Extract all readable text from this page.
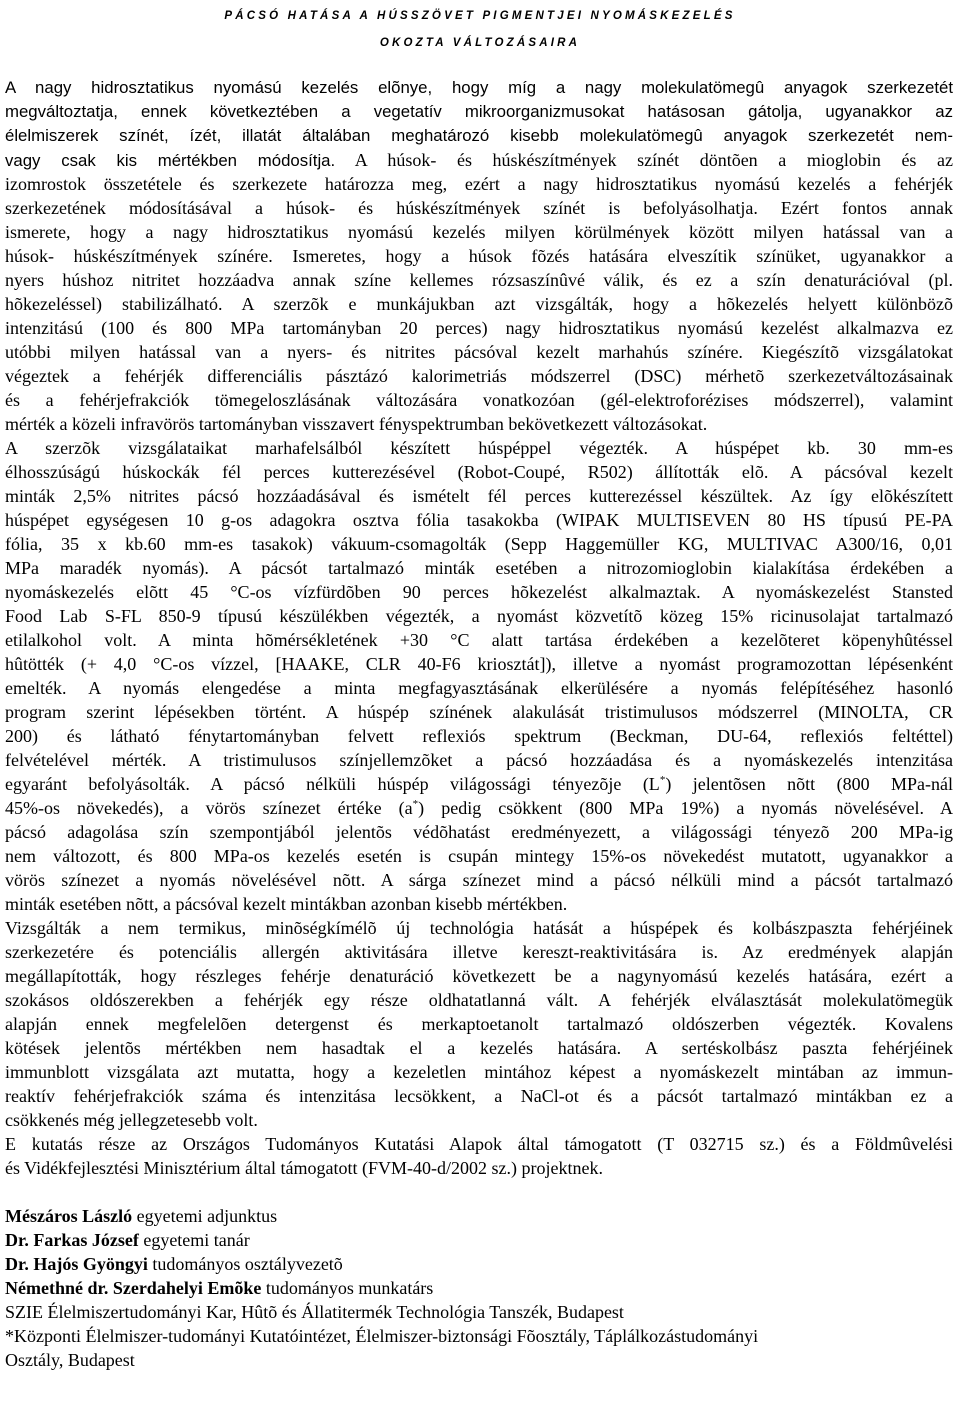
PÁCSÓ HATÁSA A HÚSSZÖVET PIGMENTJEI NYOMÁSKEZELÉS
OKOZTA VÁLTOZÁSAIRA
A nagy hidrosztatikus nyomású kezelés elõnye, hogy míg a nagy molekulatömegû anyagok szerkezetét
megváltoztatja, ennek következtében a vegetatív mikroorganizmusokat hatásosan gátolja, ugyanakkor az
élelmiszerek színét, ízét, illatát általában meghatározó kisebb molekulatömegû anyagok szerkezetét nem-
vagy csak kis mértékben módosítja. A húsok- és húskészítmények színét döntõen a mioglobin és az
izomrostok összetétele és szerkezete határozza meg, ezért a nagy hidrosztatikus nyomású kezelés a fehérjék
szerkezetének módosításával a húsok- és húskészítmények színét is befolyásolhatja. Ezért fontos annak
ismerete, hogy a nagy hidrosztatikus nyomású kezelés milyen körülmények között milyen hatással van a
húsok- húskészítmények színére. Ismeretes, hogy a húsok fõzés hatására elveszítik színüket, ugyanakkor a
nyers húshoz nitritet hozzáadva annak színe kellemes rózsaszínûvé válik, és ez a szín denaturációval (pl.
hõkezeléssel) stabilizálható. A szerzõk e munkájukban azt vizsgálták, hogy a hõkezelés helyett különbözõ
intenzitású (100 és 800 MPa tartományban 20 perces) nagy hidrosztatikus nyomású kezelést alkalmazva ez
utóbbi milyen hatással van a nyers- és nitrites pácsóval kezelt marhahús színére. Kiegészítõ vizsgálatokat
végeztek a fehérjék differenciális pásztázó kalorimetriás módszerrel (DSC) mérhetõ szerkezetváltozásainak
és a fehérjefrakciók tömegeloszlásának változására vonatkozóan (gél-elektroforézises módszerrel), valamint
mérték a közeli infravörös tartományban visszavert fényspektrumban bekövetkezett változásokat.
A szerzõk vizsgálataikat marhafelsálból készített húspéppel végezték. A húspépet kb. 30 mm-es
élhosszúságú húskockák fél perces kutterezésével (Robot-Coupé, R502) állították elõ. A pácsóval kezelt
minták 2,5% nitrites pácsó hozzáadásával és ismételt fél perces kutterezéssel készültek. Az így elõkészített
húspépet egységesen 10 g-os adagokra osztva fólia tasakokba (WIPAK MULTISEVEN 80 HS típusú PE-PA
fólia, 35 x kb.60 mm-es tasakok) vákuum-csomagolták (Sepp Haggemüller KG, MULTIVAC A300/16, 0,01
MPa maradék nyomás). A pácsót tartalmazó minták esetében a nitrozomioglobin kialakítása érdekében a
nyomáskezelés elõtt 45 °C-os vízfürdõben 90 perces hõkezelést alkalmaztak. A nyomáskezelést Stansted
Food Lab S-FL 850-9 típusú készülékben végezték, a nyomást közvetítõ közeg 15% ricinusolajat tartalmazó
etilalkohol volt. A minta hõmérsékletének +30 °C alatt tartása érdekében a kezelõteret köpenyhûtéssel
hûtötték (+ 4,0 °C-os vízzel, [HAAKE, CLR 40-F6 kriosztát]), illetve a nyomást programozottan lépésenként
emelték. A nyomás elengedése a minta megfagyasztásának elkerülésére a nyomás felépítéséhez hasonló
program szerint lépésekben történt. A húspép színének alakulását tristimulusos módszerrel (MINOLTA, CR
200) és látható fénytartományban felvett reflexiós spektrum (Beckman, DU-64, reflexiós feltéttel)
felvételével mérték. A tristimulusos színjellemzõket a pácsó hozzáadása és a nyomáskezelés intenzitása
egyaránt befolyásolták. A pácsó nélküli húspép világossági tényezõje (L*) jelentõsen nõtt (800 MPa-nál
45%-os növekedés), a vörös színezet értéke (a*) pedig csökkent (800 MPa 19%) a nyomás növelésével. A
pácsó adagolása szín szempontjából jelentõs védõhatást eredményezett, a világossági tényezõ 200 MPa-ig
nem változott, és 800 MPa-os kezelés esetén is csupán mintegy 15%-os növekedést mutatott, ugyanakkor a
vörös színezet a nyomás növelésével nõtt. A sárga színezet mind a pácsó nélküli mind a pácsót tartalmazó
minták esetében nõtt, a pácsóval kezelt mintákban azonban kisebb mértékben.
Vizsgálták a nem termikus, minõségkímélõ új technológia hatását a húspépek és kolbászpaszta fehérjéinek
szerkezetére és potenciális allergén aktivitására illetve kereszt-reaktivitására is. Az eredmények alapján
megállapították, hogy részleges fehérje denaturáció következett be a nagynyomású kezelés hatására, ezért a
szokásos oldószerekben a fehérjék egy része oldhatatlanná vált. A fehérjék elválasztását molekulatömegük
alapján ennek megfelelõen detergenst és merkaptoetanolt tartalmazó oldószerben végezték. Kovalens
kötések jelentõs mértékben nem hasadtak el a kezelés hatására. A sertéskolbász paszta fehérjéinek
immunblott vizsgálata azt mutatta, hogy a kezeletlen mintához képest a nyomáskezelt mintában az immun-
reaktív fehérjefrakciók száma és intenzitása lecsökkent, a NaCl-ot és a pácsót tartalmazó mintákban ez a
csökkenés még jellegzetesebb volt.
E kutatás része az Országos Tudományos Kutatási Alapok által támogatott (T 032715 sz.) és a Földmûvelési
és Vidékfejlesztési Minisztérium által támogatott (FVM-40-d/2002 sz.) projektnek.
Mészáros László egyetemi adjunktus
Dr. Farkas József egyetemi tanár
Dr. Hajós Gyöngyi tudományos osztályvezetõ
Némethné dr. Szerdahelyi Emõke tudományos munkatárs
SZIE Élelmiszertudományi Kar, Hûtõ és Állatitermék Technológia Tanszék, Budapest
*Központi Élelmiszer-tudományi Kutatóintézet, Élelmiszer-biztonsági Fõosztály, Táplálkozástudományi
Osztály, Budapest
